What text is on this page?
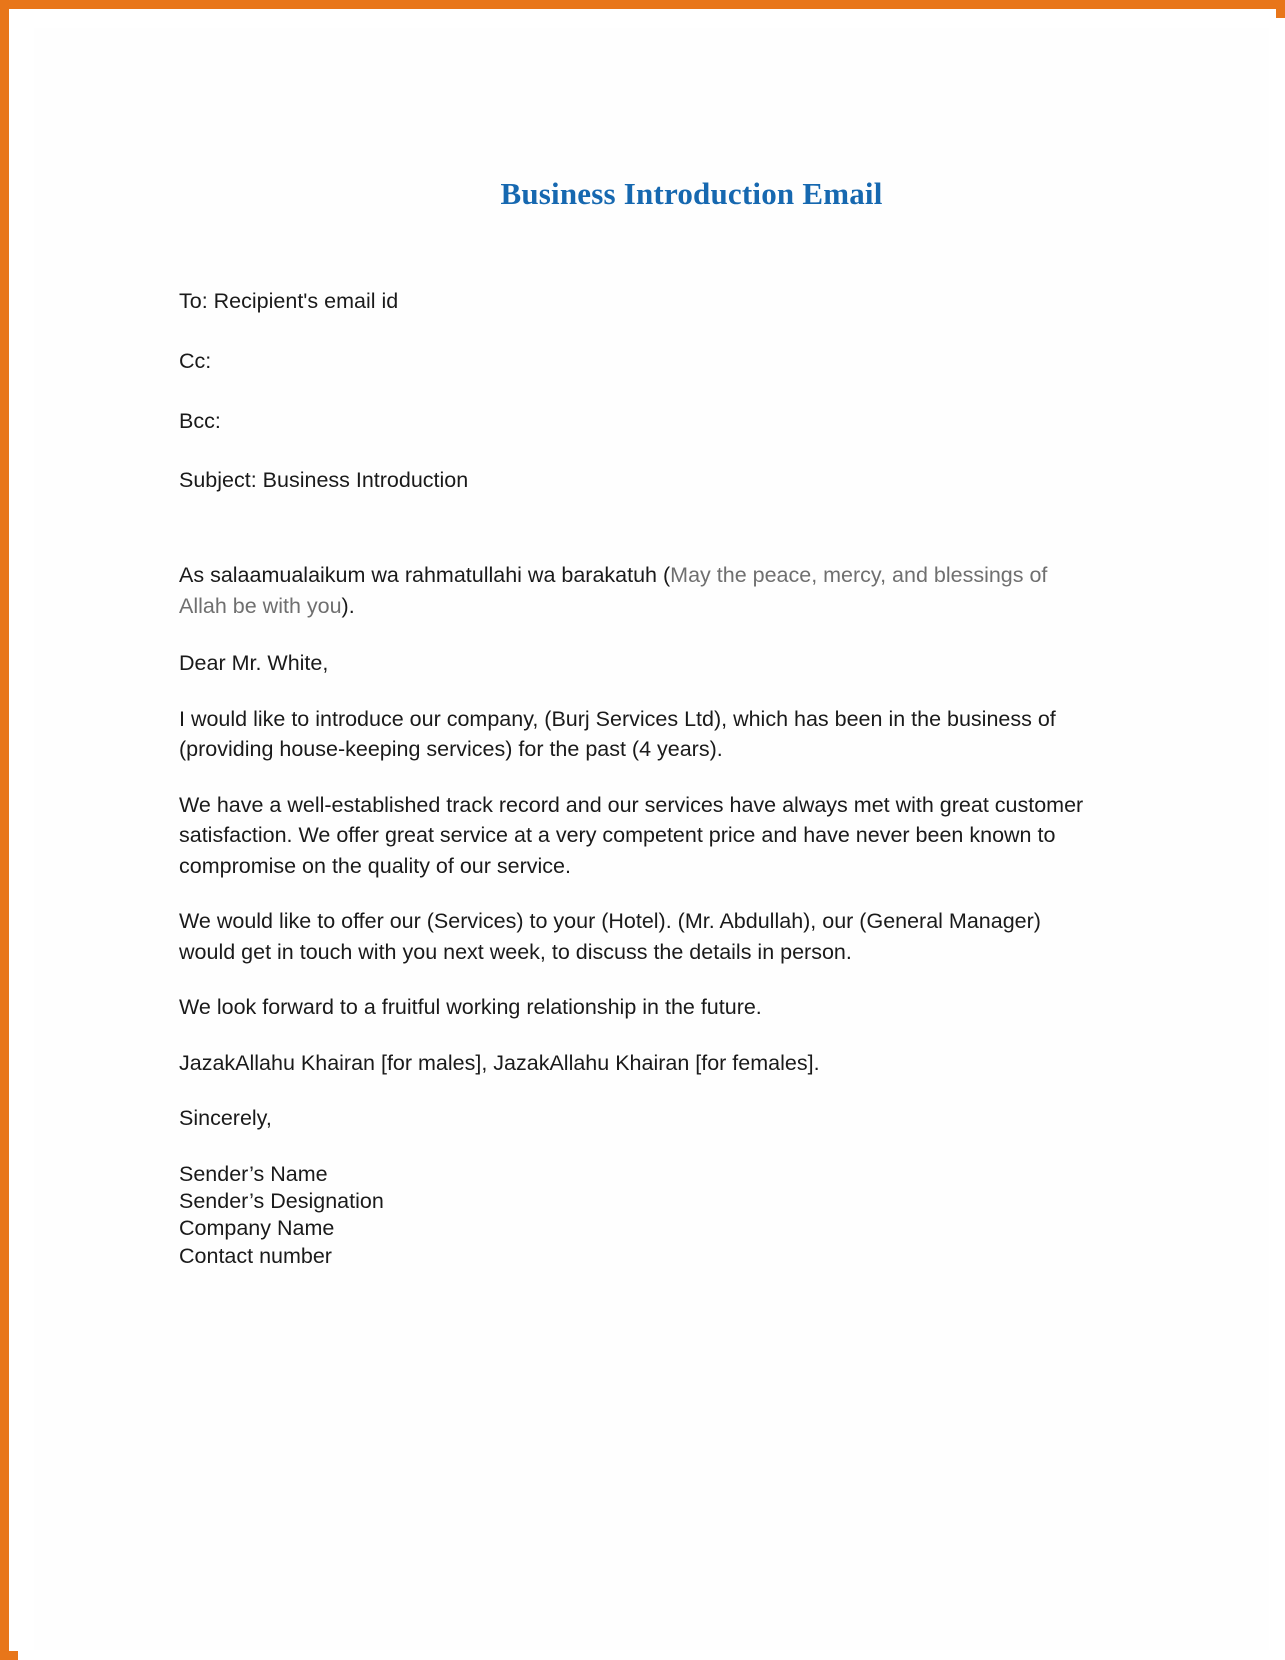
Business Introduction Email
To: Recipient's email id
Cc:
Bcc:
Subject: Business Introduction

As salaamualaikum wa rahmatullahi wa barakatuh (May the peace, mercy, and blessings of Allah be with you).

Dear Mr. White,

I would like to introduce our company, (Burj Services Ltd), which has been in the business of (providing house-keeping services) for the past (4 years).

We have a well-established track record and our services have always met with great customer satisfaction. We offer great service at a very competent price and have never been known to compromise on the quality of our service.

We would like to offer our (Services) to your (Hotel). (Mr. Abdullah), our (General Manager) would get in touch with you next week, to discuss the details in person.

We look forward to a fruitful working relationship in the future.

JazakAllahu Khairan [for males], JazakAllahu Khairan [for females].

Sincerely,

Sender’s Name
Sender’s Designation
Company Name
Contact number
